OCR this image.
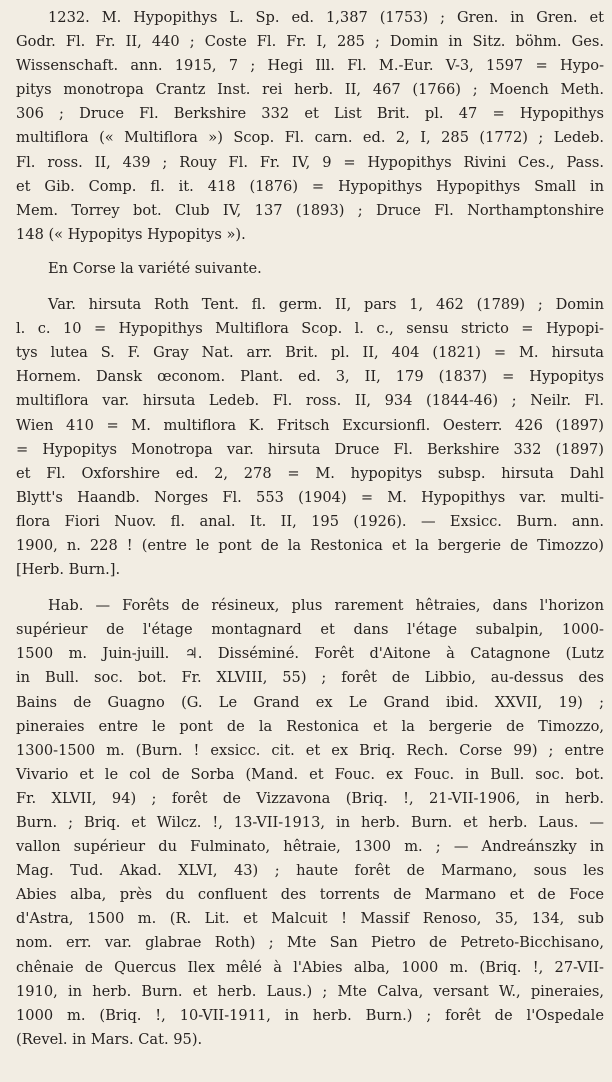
1232. M. Hypopithys L. Sp. ed. 1,387 (1753) ; Gren. in Gren. et
Godr. Fl. Fr. II, 440 ; Coste Fl. Fr. I, 285 ; Domin in Sitz. böhm. Ges.
Wissenschaft. ann. 1915, 7 ; Hegi Ill. Fl. M.-Eur. V-3, 1597 = Hypo-
pitys monotropa Crantz Inst. rei herb. II, 467 (1766) ; Moench Meth.
306 ; Druce Fl. Berkshire 332 et List Brit. pl. 47 = Hypopithys
multiflora (« Multiflora ») Scop. Fl. carn. ed. 2, I, 285 (1772) ; Ledeb.
Fl. ross. II, 439 ; Rouy Fl. Fr. IV, 9 = Hypopithys Rivini Ces., Pass.
et Gib. Comp. fl. it. 418 (1876) = Hypopithys Hypopithys Small in
Mem. Torrey bot. Club IV, 137 (1893) ; Druce Fl. Northamptonshire
148 (« Hypopitys Hypopitys »).

En Corse la variété suivante.

Var. hirsuta Roth Tent. fl. germ. II, pars 1, 462 (1789) ; Domin
l. c. 10 = Hypopithys Multiflora Scop. l. c., sensu stricto = Hypopi-
tys lutea S. F. Gray Nat. arr. Brit. pl. II, 404 (1821) = M. hirsuta
Hornem. Dansk œconom. Plant. ed. 3, II, 179 (1837) = Hypopitys
multiflora var. hirsuta Ledeb. Fl. ross. II, 934 (1844-46) ; Neilr. Fl.
Wien 410 = M. multiflora K. Fritsch Excursionfl. Oesterr. 426 (1897)
= Hypopitys Monotropa var. hirsuta Druce Fl. Berkshire 332 (1897)
et Fl. Oxforshire ed. 2, 278 = M. hypopitys subsp. hirsuta Dahl
Blytt's Haandb. Norges Fl. 553 (1904) = M. Hypopithys var. multi-
flora Fiori Nuov. fl. anal. It. II, 195 (1926). — Exsicc. Burn. ann.
1900, n. 228 ! (entre le pont de la Restonica et la bergerie de Timozzo)
[Herb. Burn.].

Hab. — Forêts de résineux, plus rarement hêtraies, dans l'horizon
supérieur de l'étage montagnard et dans l'étage subalpin, 1000-
1500 m. Juin-juill. ♃. Disséminé. Forêt d'Aitone à Catagnone (Lutz
in Bull. soc. bot. Fr. XLVIII, 55) ; forêt de Libbio, au-dessus des
Bains de Guagno (G. Le Grand ex Le Grand ibid. XXVII, 19) ;
pineraies entre le pont de la Restonica et la bergerie de Timozzo,
1300-1500 m. (Burn. ! exsicc. cit. et ex Briq. Rech. Corse 99) ; entre
Vivario et le col de Sorba (Mand. et Fouc. ex Fouc. in Bull. soc. bot.
Fr. XLVII, 94) ; forêt de Vizzavona (Briq. !, 21-VII-1906, in herb.
Burn. ; Briq. et Wilcz. !, 13-VII-1913, in herb. Burn. et herb. Laus. —
vallon supérieur du Fulminato, hêtraie, 1300 m. ; — Andreánszky in
Mag. Tud. Akad. XLVI, 43) ; haute forêt de Marmano, sous les
Abies alba, près du confluent des torrents de Marmano et de Foce
d'Astra, 1500 m. (R. Lit. et Malcuit ! Massif Renoso, 35, 134, sub
nom. err. var. glabrae Roth) ; Mte San Pietro de Petreto-Bicchisano,
chênaie de Quercus Ilex mêlé à l'Abies alba, 1000 m. (Briq. !, 27-VII-
1910, in herb. Burn. et herb. Laus.) ; Mte Calva, versant W., pineraies,
1000 m. (Briq. !, 10-VII-1911, in herb. Burn.) ; forêt de l'Ospedale
(Revel. in Mars. Cat. 95).
